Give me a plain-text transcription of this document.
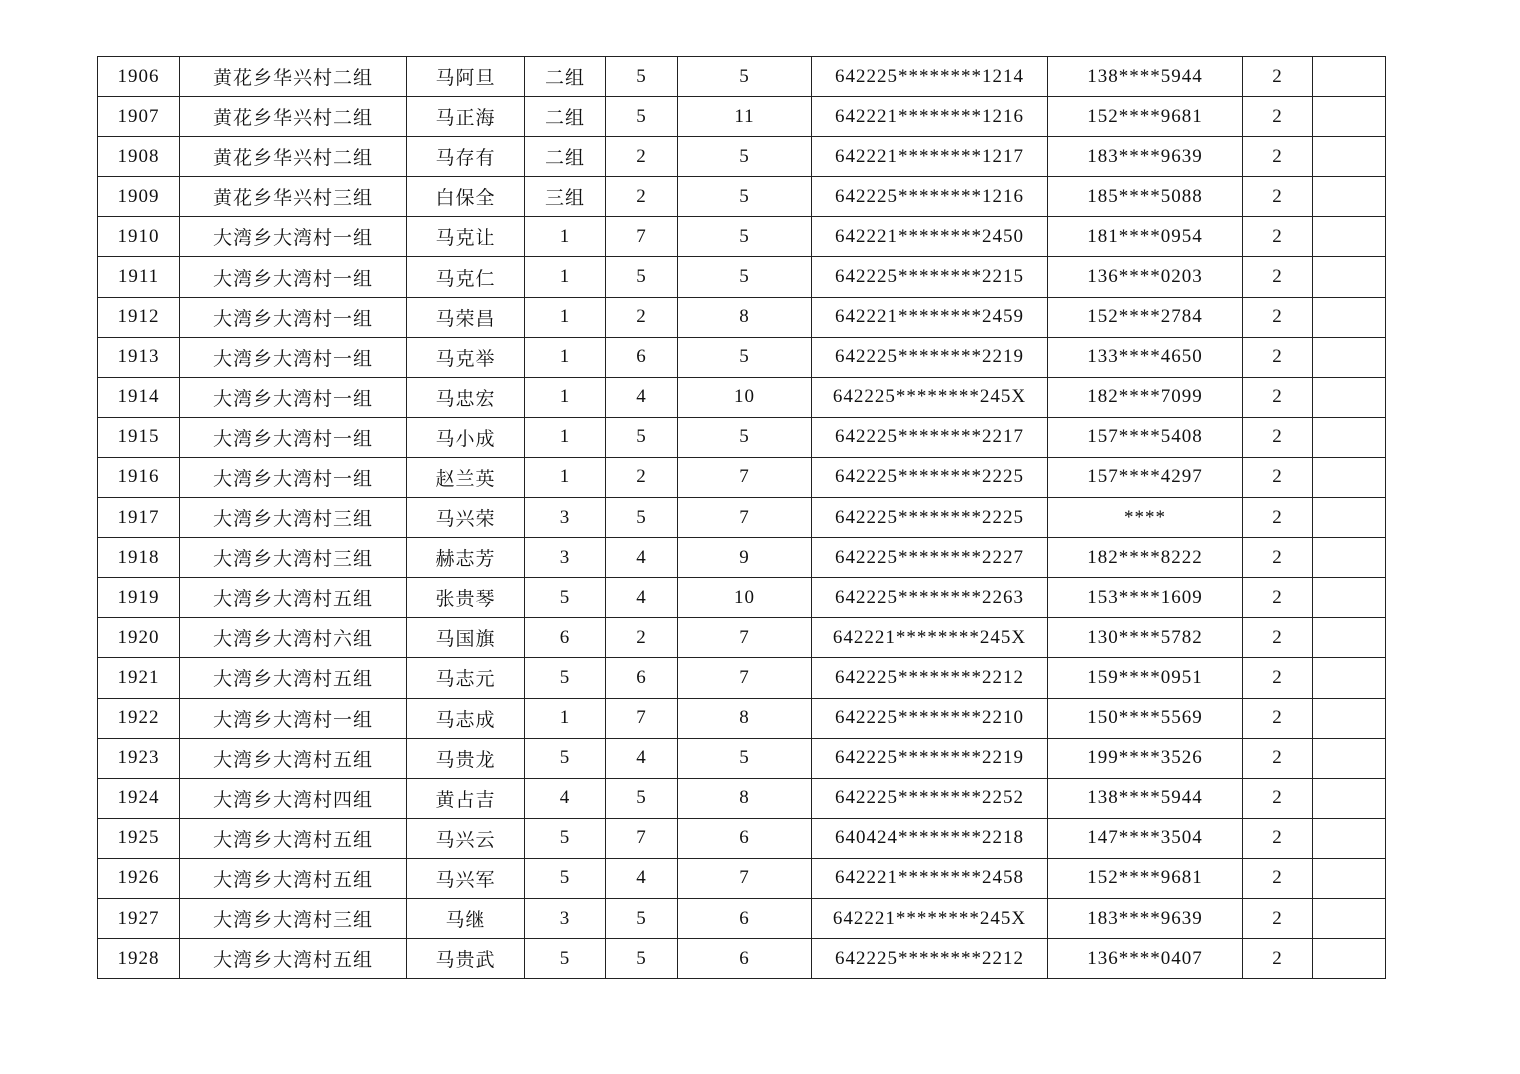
1906	黄花乡华兴村二组	马阿旦	二组	5	5	642225********1214	138****5944	2	
1907	黄花乡华兴村二组	马正海	二组	5	11	642221********1216	152****9681	2	
1908	黄花乡华兴村二组	马存有	二组	2	5	642221********1217	183****9639	2	
1909	黄花乡华兴村三组	白保全	三组	2	5	642225********1216	185****5088	2	
1910	大湾乡大湾村一组	马克让	1	7	5	642221********2450	181****0954	2	
1911	大湾乡大湾村一组	马克仁	1	5	5	642225********2215	136****0203	2	
1912	大湾乡大湾村一组	马荣昌	1	2	8	642221********2459	152****2784	2	
1913	大湾乡大湾村一组	马克举	1	6	5	642225********2219	133****4650	2	
1914	大湾乡大湾村一组	马忠宏	1	4	10	642225********245X	182****7099	2	
1915	大湾乡大湾村一组	马小成	1	5	5	642225********2217	157****5408	2	
1916	大湾乡大湾村一组	赵兰英	1	2	7	642225********2225	157****4297	2	
1917	大湾乡大湾村三组	马兴荣	3	5	7	642225********2225	****	2	
1918	大湾乡大湾村三组	赫志芳	3	4	9	642225********2227	182****8222	2	
1919	大湾乡大湾村五组	张贵琴	5	4	10	642225********2263	153****1609	2	
1920	大湾乡大湾村六组	马国旗	6	2	7	642221********245X	130****5782	2	
1921	大湾乡大湾村五组	马志元	5	6	7	642225********2212	159****0951	2	
1922	大湾乡大湾村一组	马志成	1	7	8	642225********2210	150****5569	2	
1923	大湾乡大湾村五组	马贵龙	5	4	5	642225********2219	199****3526	2	
1924	大湾乡大湾村四组	黄占吉	4	5	8	642225********2252	138****5944	2	
1925	大湾乡大湾村五组	马兴云	5	7	6	640424********2218	147****3504	2	
1926	大湾乡大湾村五组	马兴军	5	4	7	642221********2458	152****9681	2	
1927	大湾乡大湾村三组	马继	3	5	6	642221********245X	183****9639	2	
1928	大湾乡大湾村五组	马贵武	5	5	6	642225********2212	136****0407	2	
